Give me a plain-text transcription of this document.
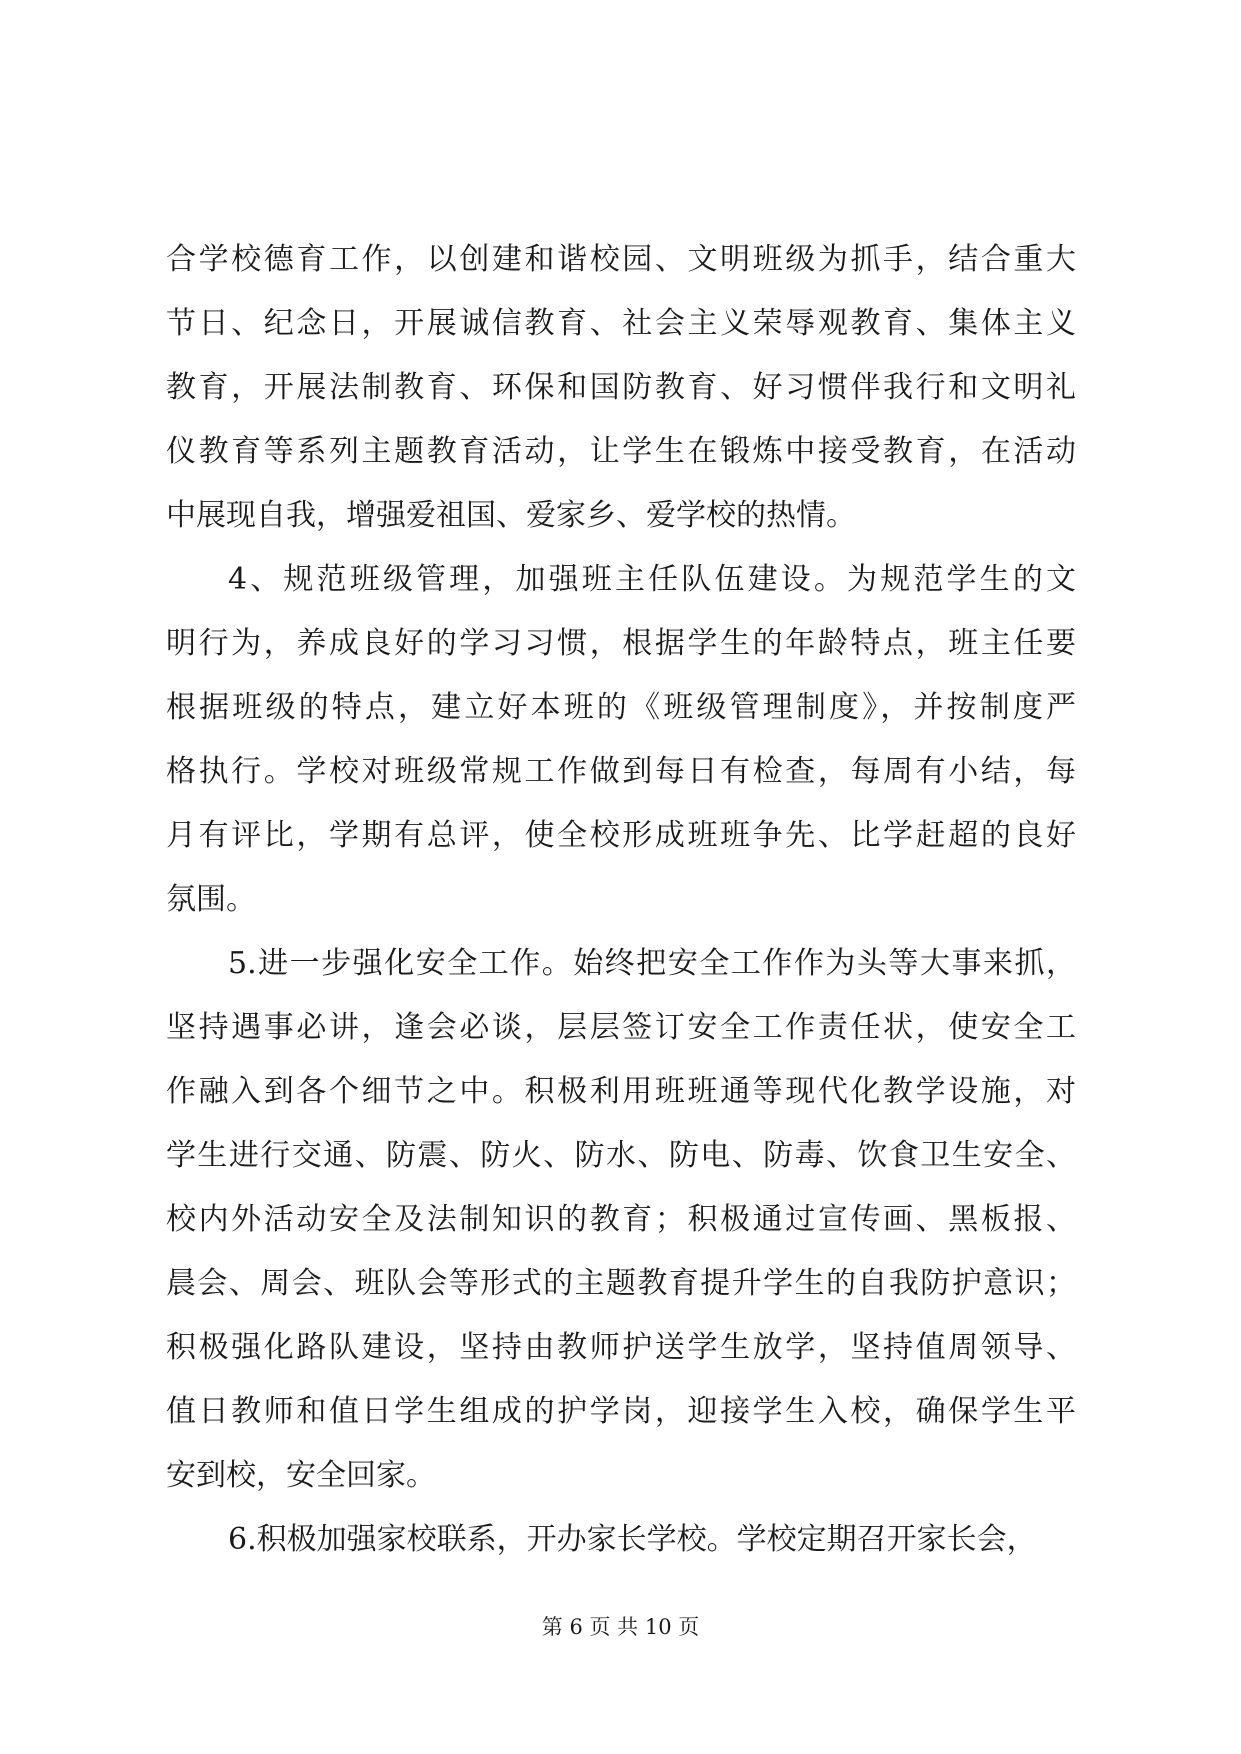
合学校德育工作，以创建和谐校园、文明班级为抓手，结合重大
节日、纪念日，开展诚信教育、社会主义荣辱观教育、集体主义
教育，开展法制教育、环保和国防教育、好习惯伴我行和文明礼
仪教育等系列主题教育活动，让学生在锻炼中接受教育，在活动
中展现自我，增强爱祖国、爱家乡、爱学校的热情。
4、规范班级管理，加强班主任队伍建设。为规范学生的文
明行为，养成良好的学习习惯，根据学生的年龄特点，班主任要
根据班级的特点，建立好本班的《班级管理制度》，并按制度严
格执行。学校对班级常规工作做到每日有检查，每周有小结，每
月有评比，学期有总评，使全校形成班班争先、比学赶超的良好
氛围。
5.进一步强化安全工作。始终把安全工作作为头等大事来抓，
坚持遇事必讲，逢会必谈，层层签订安全工作责任状，使安全工
作融入到各个细节之中。积极利用班班通等现代化教学设施，对
学生进行交通、防震、防火、防水、防电、防毒、饮食卫生安全、
校内外活动安全及法制知识的教育；积极通过宣传画、黑板报、
晨会、周会、班队会等形式的主题教育提升学生的自我防护意识；
积极强化路队建设，坚持由教师护送学生放学，坚持值周领导、
值日教师和值日学生组成的护学岗，迎接学生入校，确保学生平
安到校，安全回家。
6.积极加强家校联系，开办家长学校。学校定期召开家长会，
第 6 页 共 10 页
